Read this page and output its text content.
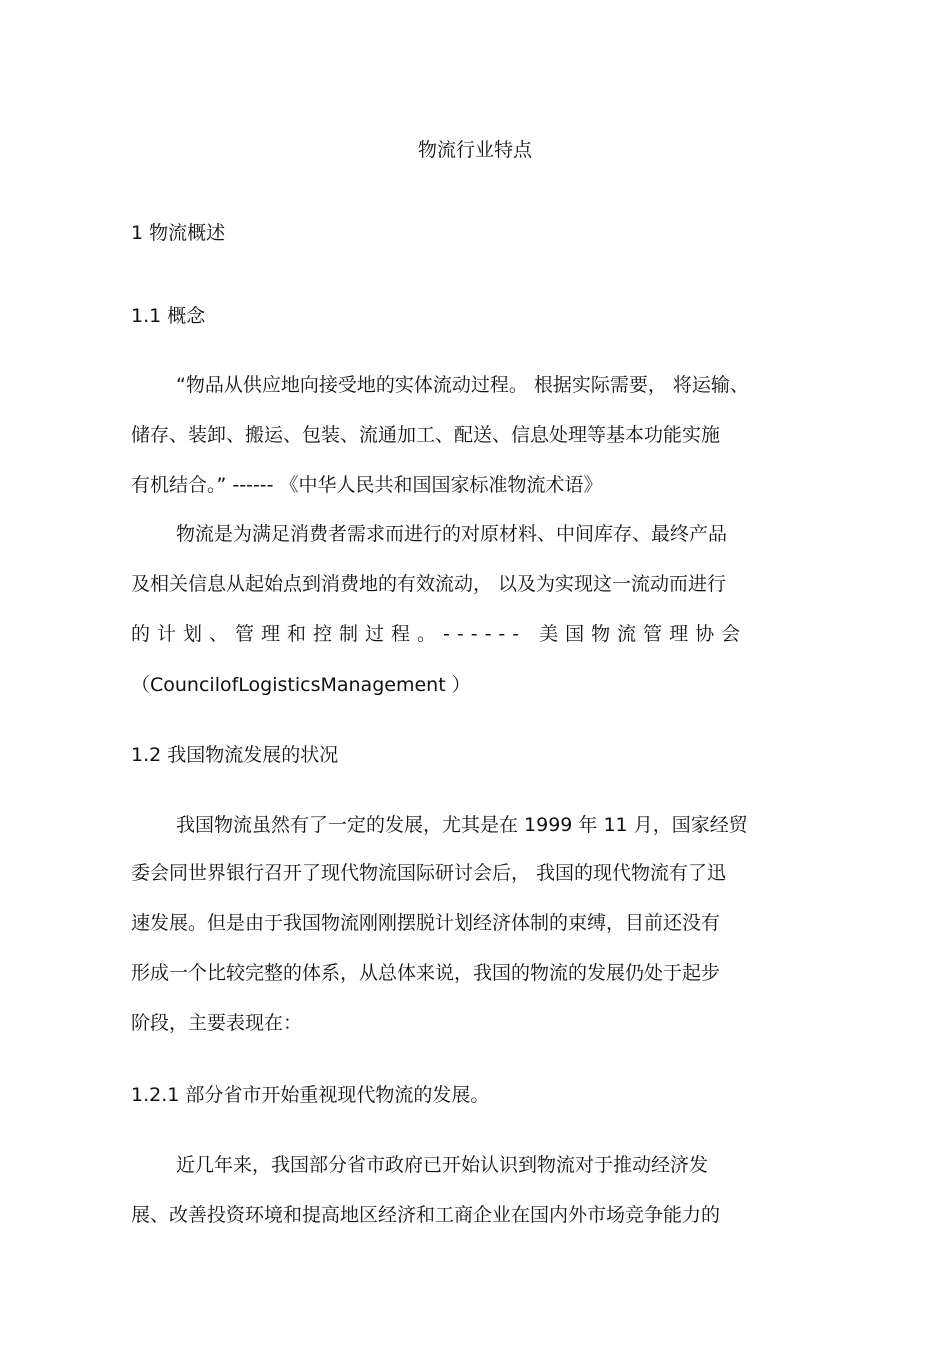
物流行业特点

1 物流概述

1.1 概念

“物品从供应地向接受地的实体流动过程。 根据实际需要， 将运输、

储存、装卸、搬运、包装、流通加工、配送、信息处理等基本功能实施

有机结合。” ------ 《中华人民共和国国家标准物流术语》

物流是为满足消费者需求而进行的对原材料、中间库存、最终产品

及相关信息从起始点到消费地的有效流动， 以及为实现这一流动而进行

的计划、管理和控制过程。------ 美国物流管理协会

（CouncilofLogisticsManagement ）

1.2 我国物流发展的状况

我国物流虽然有了一定的发展，尤其是在 1999 年 11 月，国家经贸

委会同世界银行召开了现代物流国际研讨会后， 我国的现代物流有了迅

速发展。但是由于我国物流刚刚摆脱计划经济体制的束缚，目前还没有

形成一个比较完整的体系，从总体来说，我国的物流的发展仍处于起步

阶段，主要表现在：

1.2.1 部分省市开始重视现代物流的发展。

近几年来，我国部分省市政府已开始认识到物流对于推动经济发

展、改善投资环境和提高地区经济和工商企业在国内外市场竞争能力的
